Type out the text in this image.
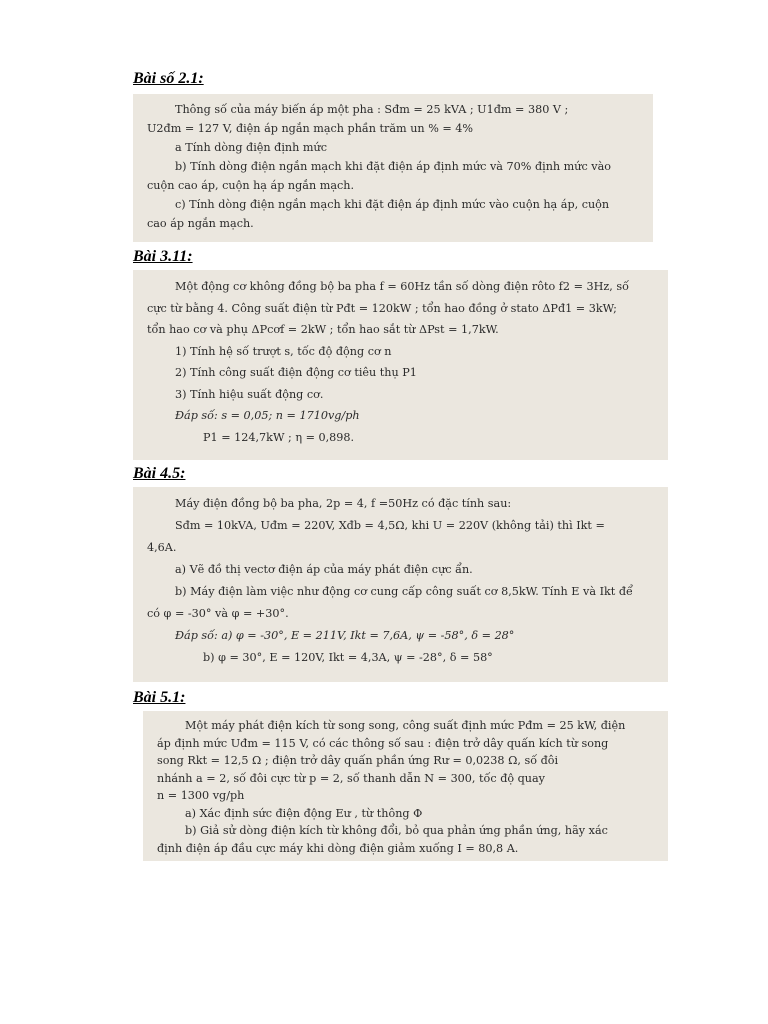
Bài số 2.1:

Thông số của máy biến áp một pha : Sđm = 25 kVA ; U1đm = 380 V ;

U2đm = 127 V, điện áp ngắn mạch phần trăm un % = 4%

a Tính dòng điện định mức

b) Tính dòng điện ngắn mạch khi đặt điện áp định mức và 70% định mức vào

cuộn cao áp, cuộn hạ áp ngắn mạch.

c) Tính dòng điện ngắn mạch khi đặt điện áp định mức vào cuộn hạ áp, cuộn

cao áp ngắn mạch.

Bài 3.11:

Một động cơ không đồng bộ ba pha f = 60Hz tần số dòng điện rôto f2 = 3Hz, số

cực từ bằng 4. Công suất điện từ Pđt = 120kW ; tổn hao đồng ở stato ΔPđ1 = 3kW;

tổn hao cơ và phụ ΔPcơf = 2kW ; tổn hao sắt từ ΔPst = 1,7kW.

1) Tính hệ số trượt s, tốc độ động cơ n

2) Tính công suất điện động cơ tiêu thụ P1

3) Tính hiệu suất động cơ.

Đáp số: s = 0,05; n = 1710vg/ph

P1 = 124,7kW ; η = 0,898.

Bài 4.5:

Máy điện đồng bộ ba pha, 2p = 4, f =50Hz có đặc tính sau:

Sđm = 10kVA, Uđm = 220V, Xđb = 4,5Ω, khi U = 220V (không tải) thì Ikt =

4,6A.

a) Vẽ đồ thị vectơ điện áp của máy phát điện cực ẩn.

b) Máy điện làm việc như động cơ cung cấp công suất cơ 8,5kW. Tính E và Ikt để

có φ = -30° và φ = +30°.

Đáp số: a) φ = -30°, E = 211V, Ikt = 7,6A, ψ = -58°, δ = 28°

b) φ = 30°, E = 120V, Ikt = 4,3A, ψ = -28°, δ = 58°

Bài 5.1:

Một máy phát điện kích từ song song, công suất định mức Pđm = 25 kW, điện

áp định mức Uđm = 115 V, có các thông số sau : điện trở dây quấn kích từ song

song Rkt = 12,5 Ω ; điện trở dây quấn phần ứng Rư = 0,0238 Ω, số đôi

nhánh a = 2, số đôi cực từ p = 2, số thanh dẫn N = 300, tốc độ quay

n = 1300 vg/ph

a) Xác định sức điện động Eư , từ thông Φ

b) Giả sử dòng điện kích từ không đổi, bỏ qua phản ứng phần ứng, hãy xác

định điện áp đầu cực máy khi dòng điện giảm xuống I = 80,8 A.
